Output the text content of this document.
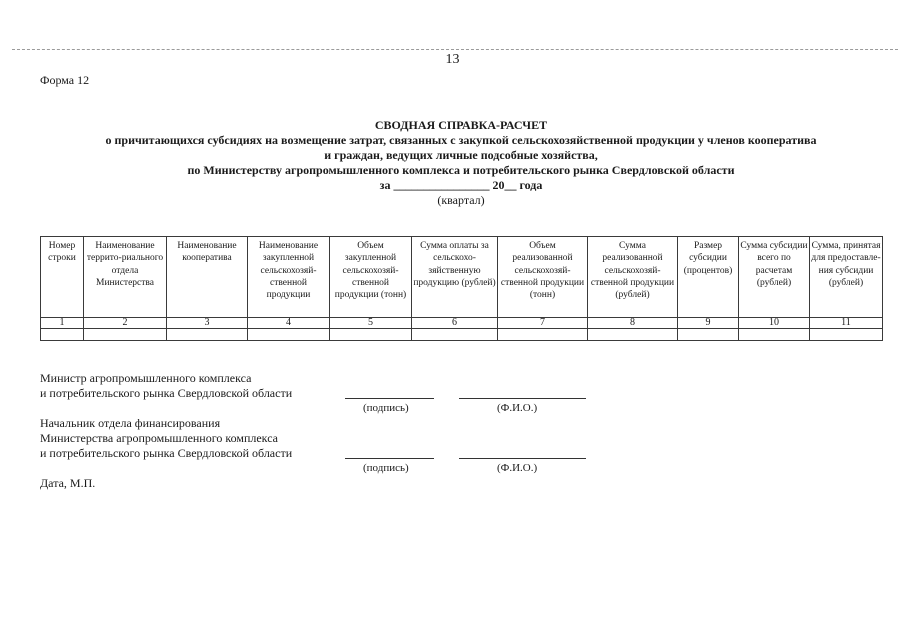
13
Форма 12
СВОДНАЯ СПРАВКА-РАСЧЕТ
о причитающихся субсидиях на возмещение затрат, связанных с закупкой сельскохозяйственной продукции у членов кооператива
и граждан, ведущих личные подсобные хозяйства,
по Министерству агропромышленного комплекса и потребительского рынка Свердловской области
за ________________ 20__ года
(квартал)
Номер строки	Наименование террито-риального отдела Министерства	Наименование кооператива	Наименование закупленной сельскохозяй-ственной продукции	Объем закупленной сельскохозяй-ственной продукции (тонн)	Сумма оплаты за сельскохо-зяйственную продукцию (рублей)	Объем реализованной сельскохозяй-ственной продукции (тонн)	Сумма реализованной сельскохозяй-ственной продукции (рублей)	Размер субсидии (процентов)	Сумма субсидии всего по расчетам (рублей)	Сумма, принятая для предоставле-ния субсидии (рублей)
1	2	3	4	5	6	7	8	9	10	11

Министр агропромышленного комплекса
и потребительского рынка Свердловской области
(подпись)	(Ф.И.О.)
Начальник отдела финансирования
Министерства агропромышленного комплекса
и потребительского рынка Свердловской области
(подпись)	(Ф.И.О.)
Дата, М.П.
